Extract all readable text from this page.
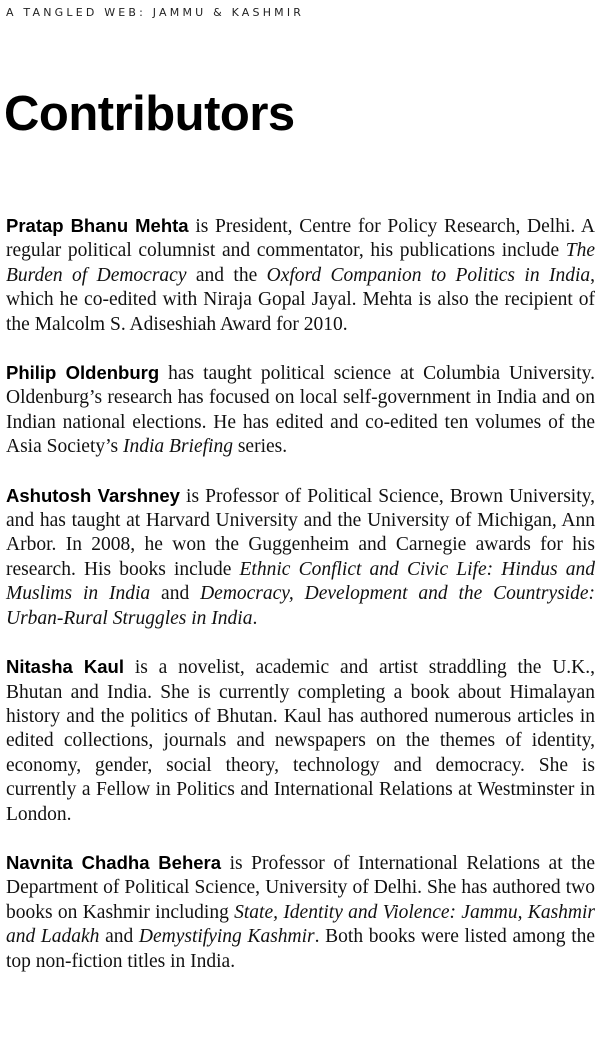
A TANGLED WEB: JAMMU & KASHMIR
Contributors

Pratap Bhanu Mehta is President, Centre for Policy Research, Delhi. A regular political columnist and commentator, his publications include The Burden of Democracy and the Oxford Companion to Politics in India, which he co-edited with Niraja Gopal Jayal. Mehta is also the recipient of the Malcolm S. Adiseshiah Award for 2010.

Philip Oldenburg has taught political science at Columbia University. Oldenburg’s research has focused on local self-government in India and on Indian national elections. He has edited and co-edited ten volumes of the Asia Society’s India Briefing series.

Ashutosh Varshney is Professor of Political Science, Brown University, and has taught at Harvard University and the University of Michigan, Ann Arbor. In 2008, he won the Guggenheim and Carnegie awards for his research. His books include Ethnic Conflict and Civic Life: Hindus and Muslims in India and Democracy, Development and the Countryside: Urban-Rural Struggles in India.

Nitasha Kaul is a novelist, academic and artist straddling the U.K., Bhutan and India. She is currently completing a book about Himalayan history and the politics of Bhutan. Kaul has authored numerous articles in edited collections, journals and newspapers on the themes of identity, economy, gender, social theory, technology and democracy. She is currently a Fellow in Politics and International Relations at Westminster in London.

Navnita Chadha Behera is Professor of International Relations at the Department of Political Science, University of Delhi. She has authored two books on Kashmir including State, Identity and Violence: Jammu, Kashmir and Ladakh and Demystifying Kashmir. Both books were listed among the top non-fiction titles in India.
